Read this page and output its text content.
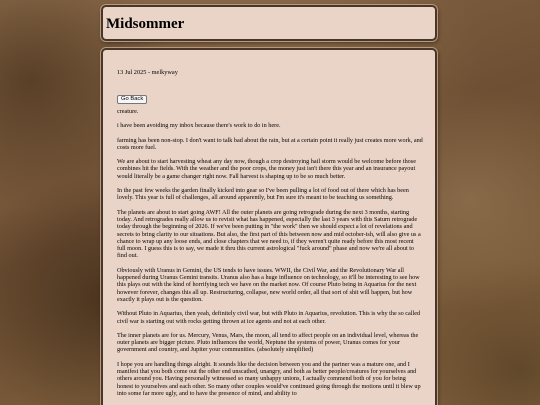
Midsommer
13 Jul 2025 - melkyway
Go Back

creature.

i have been avoiding my inbox because there's work to do in here.

farming has been non-stop. I don't want to talk bad about the rain, but at a certain point it really just creates more work, and costs more fuel.

We are about to start harvesting wheat any day now, though a crop destroying hail storm would be welcome before those combines hit the fields. With the weather and the poor crops, the money just isn't there this year and an insurance payout would literally be a game changer right now. Fall harvest is shaping up to be so much better.

In the past few weeks the garden finally kicked into gear so I've been pulling a lot of food out of there which has been lovely. This year is full of challenges, all around apparently, but I'm sure it's meant to be teaching us something.

The planets are about to start going AWF! All the outer planets are going retrograde during the next 3 months, starting today. And retrogrades really allow us to revisit what has happened, especially the last 3 years with this Saturn retrograde today through the beginning of 2026. If we've been putting in "the work" then we should expect a lot of revelations and secrets to bring clarity to our situations. But also, the first part of this between now and mid october-ish, will also give us a chance to wrap up any loose ends, and close chapters that we need to, if they weren't quite ready before this most recent full moon. I guess this is to say, we made it thru this current astrological "fuck around" phase and now we're all about to find out.

Obviously with Uranus in Gemini, the US tends to have issues. WWII, the Civil War, and the Revolutionary War all happened during Uranus Gemini transits. Uranus also has a huge influence on technology, so it'll be interesting to see how this plays out with the kind of horrifying tech we have on the market now. Of course Pluto being in Aquarius for the next however forever, changes this all up. Restructuring, collapse, new world order, all that sort of shit will happen, but how exactly it plays out is the question.

Without Pluto in Aquarius, then yeah, definitely civil war, but with Pluto in Aquarius, revolution. This is why the so called civil war is starting out with rocks getting thrown at ice agents and not at each other.

The inner planets are for us. Mercury, Venus, Mars, the moon, all tend to affect people on an individual level, whereas the outer planets are bigger picture. Pluto influences the world, Neptune the systems of power, Uranus comes for your government and country, and Jupiter your communities. (absolutely simplified)

I hope you are handling things alright. It sounds like the decision between you and the partner was a mature one, and I manifest that you both come out the other end unscathed, unangry, and both as better people/creatures for yourselves and others around you. Having personally witnessed so many unhappy unions, I actually commend both of you for being honest to yourselves and each other. So many other couples would've continued going through the motions until it blew up into some far more ugly, and to have the presence of mind, and ability to
